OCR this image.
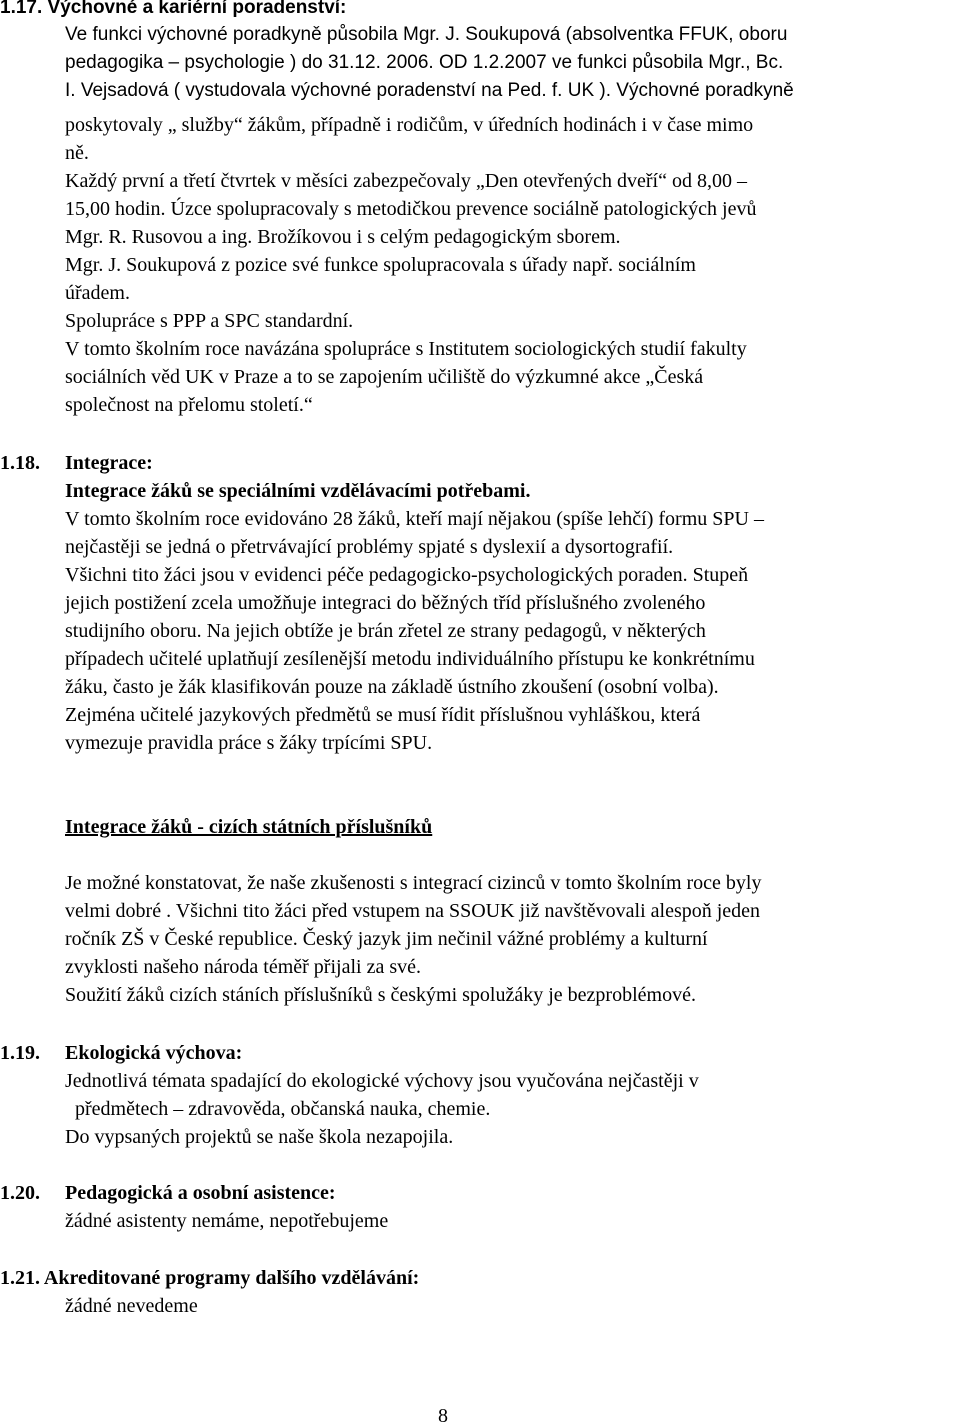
1.17. Výchovné a kariérní poradenství:
Ve funkci výchovné poradkyně působila Mgr. J. Soukupová (absolventka FFUK, oboru
pedagogika – psychologie ) do 31.12. 2006. OD 1.2.2007 ve funkci působila Mgr., Bc.
I. Vejsadová ( vystudovala výchovné poradenství na Ped. f. UK ). Výchovné poradkyně
poskytovaly „ služby“ žákům, případně i rodičům, v úředních hodinách i v čase mimo
ně.
Každý první a třetí čtvrtek v měsíci zabezpečovaly „Den otevřených dveří“ od 8,00 –
15,00 hodin. Úzce spolupracovaly s metodičkou prevence sociálně patologických jevů
Mgr. R. Rusovou a ing. Brožíkovou i s celým pedagogickým sborem.
Mgr. J. Soukupová z pozice své funkce spolupracovala s úřady např. sociálním
úřadem.
Spolupráce s PPP a SPC standardní.
V tomto školním roce navázána spolupráce s Institutem sociologických studií fakulty
sociálních věd UK v Praze a to se zapojením učiliště do výzkumné akce „Česká
společnost na přelomu století.“
1.18. Integrace:
Integrace žáků se speciálními vzdělávacími potřebami.
V tomto školním roce evidováno 28 žáků, kteří mají nějakou (spíše lehčí) formu SPU –
nejčastěji se jedná o přetrvávající problémy spjaté s dyslexií a dysortografií.
Všichni tito žáci jsou v evidenci péče pedagogicko-psychologických poraden. Stupeň
jejich postižení zcela umožňuje integraci do běžných tříd příslušného zvoleného
studijního oboru. Na jejich obtíže je brán zřetel ze strany pedagogů, v některých
případech učitelé uplatňují zesílenější metodu individuálního přístupu ke konkrétnímu
žáku, často je žák klasifikován pouze na základě ústního zkoušení (osobní volba).
Zejména učitelé jazykových předmětů se musí řídit příslušnou vyhláškou, která
vymezuje pravidla práce s žáky trpícími SPU.
Integrace žáků - cizích státních příslušníků
Je možné konstatovat, že naše zkušenosti s integrací cizinců v tomto školním roce byly
velmi dobré . Všichni tito žáci před vstupem na SSOUK již navštěvovali alespoň jeden
ročník ZŠ v České republice. Český jazyk jim nečinil vážné problémy a kulturní
zvyklosti našeho národa téměř přijali za své.
Soužití žáků cizích stáních příslušníků s českými spolužáky je bezproblémové.
1.19. Ekologická výchova:
Jednotlivá témata spadající do ekologické výchovy jsou vyučována nejčastěji v
předmětech – zdravověda, občanská nauka, chemie.
Do vypsaných projektů se naše škola nezapojila.
1.20. Pedagogická a osobní asistence:
žádné asistenty nemáme, nepotřebujeme
1.21. Akreditované programy dalšího vzdělávání:
žádné nevedeme
8
